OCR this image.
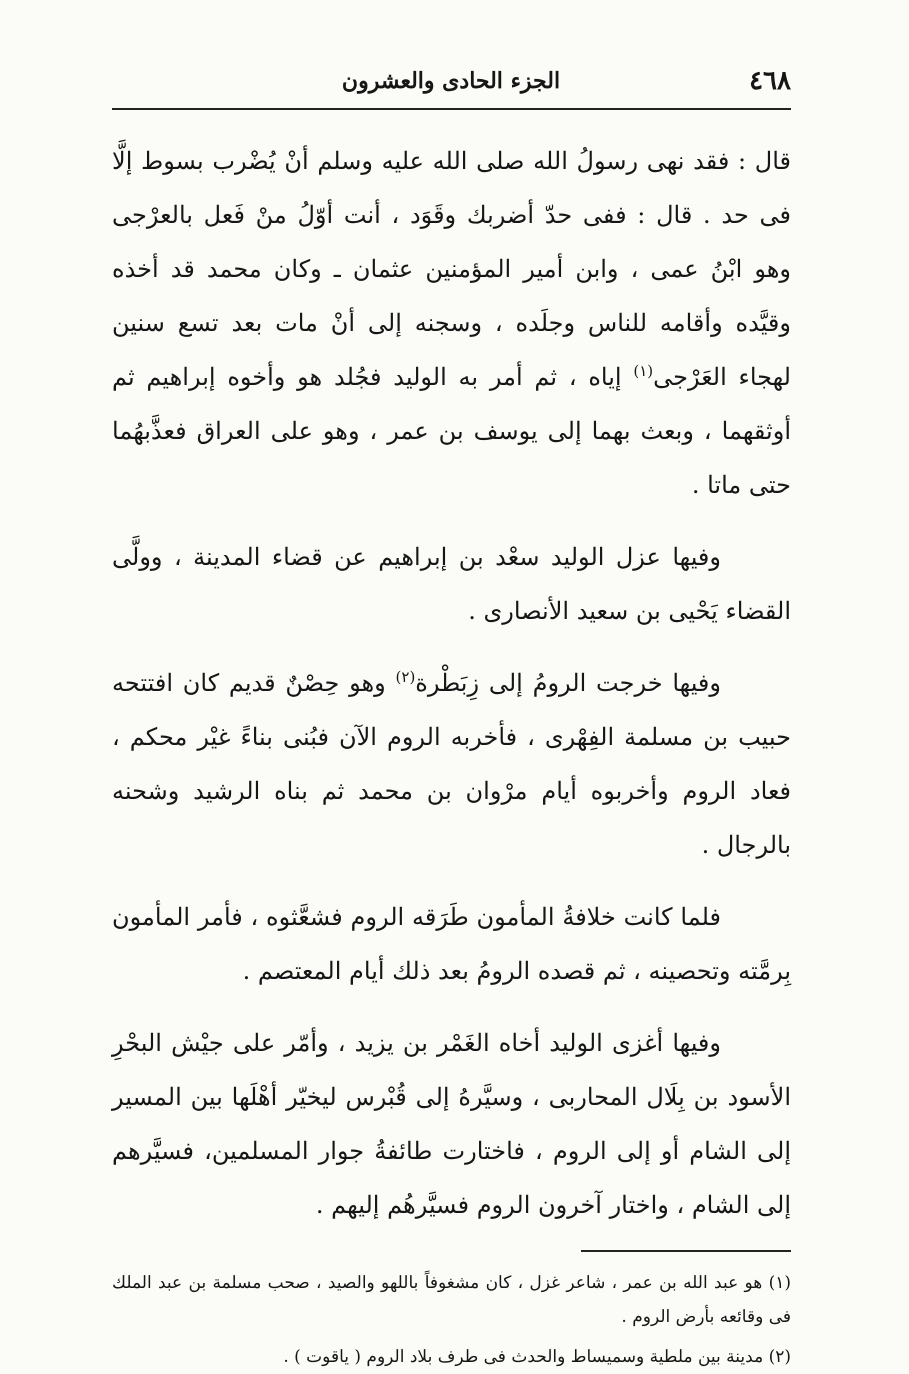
٤٦٨
الجزء الحادى والعشرون

قال : فقد نهى رسولُ الله صلى الله عليه وسلم أنْ يُضْرب بسوط إلَّا فى حد . قال : ففى حدّ أضربك وقَوَد ، أنت أوّلُ منْ فَعل بالعرْجى وهو ابْنُ عمى ، وابن أمير المؤمنين عثمان ـ وكان محمد قد أخذه وقيَّده وأقامه للناس وجلَده ، وسجنه إلى أنْ مات بعد تسع سنين لهجاء العَرْجى$^{(١)}$ إياه ، ثم أمر به الوليد فجُلد هو وأخوه إبراهيم ثم أوثقهما ، وبعث بهما إلى يوسف بن عمر ، وهو على العراق فعذَّبهُما حتى ماتا .

وفيها عزل الوليد سعْد بن إبراهيم عن قضاء المدينة ، وولَّى القضاء يَحْيى بن سعيد الأنصارى .

وفيها خرجت الرومُ إلى زِبَطْرة$^{(٢)}$ وهو حِصْنٌ قديم كان افتتحه حبيب بن مسلمة الفِهْرى ، فأخربه الروم الآن فبُنى بناءً غيْر محكم ، فعاد الروم وأخربوه أيام مرْوان بن محمد ثم بناه الرشيد وشحنه بالرجال .

فلما كانت خلافةُ المأمون طَرَقه الروم فشعَّثوه ، فأمر المأمون بِرمَّته وتحصينه ، ثم قصده الرومُ بعد ذلك أيام المعتصم .

وفيها أغزى الوليد أخاه الغَمْر بن يزيد ، وأمّر على جيْش البحْرِ الأسود بن بِلَال المحاربى ، وسيَّرهُ إلى قُبْرس ليخيّر أهْلَها بين المسير إلى الشام أو إلى الروم ، فاختارت طائفةُ جوار المسلمين، فسيَّرهم إلى الشام ، واختار آخرون الروم فسيَّرهُم إليهم .

(١) هو عبد الله بن عمر ، شاعر غزل ، كان مشغوفاً باللهو والصيد ، صحب مسلمة بن عبد الملك فى وقائعه بأرض الروم .

(٢) مدينة بين ملطية وسميساط والحدث فى طرف بلاد الروم ( ياقوت ) .
